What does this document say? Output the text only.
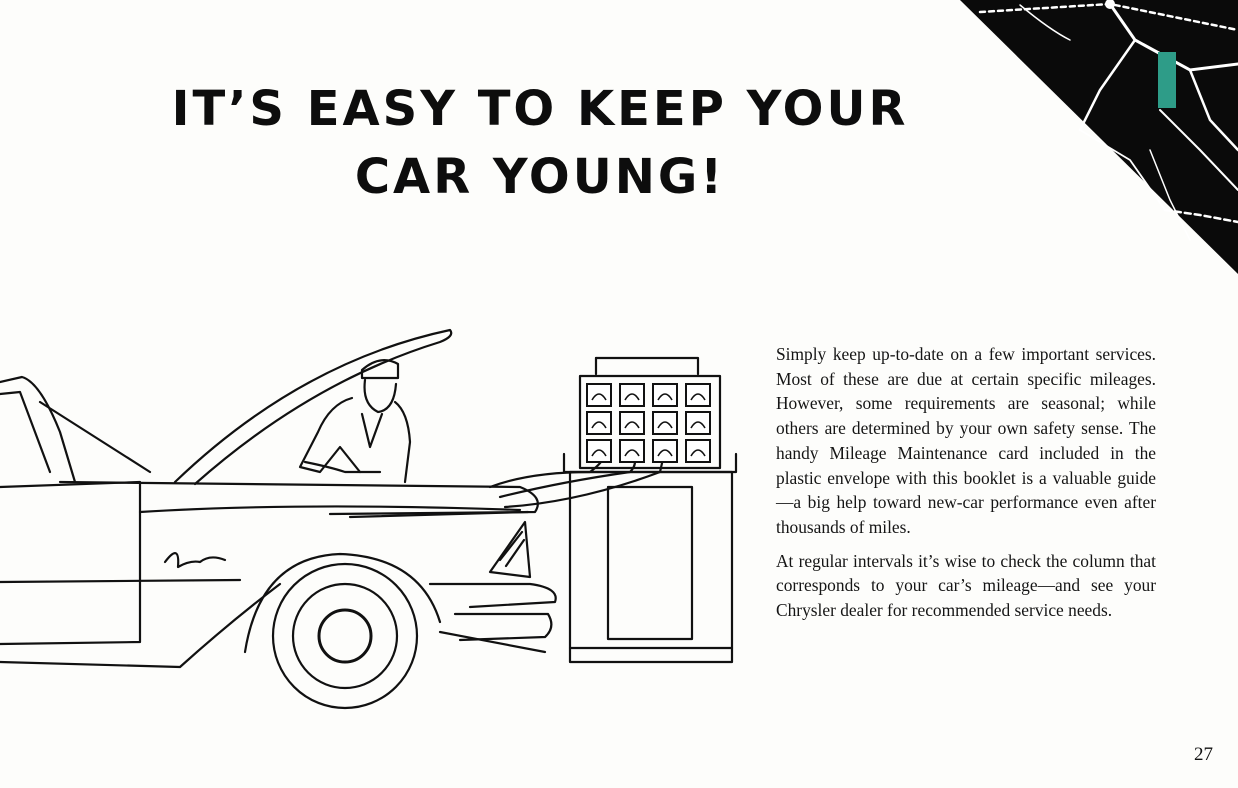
IT’S EASY TO KEEP YOUR
CAR YOUNG!

Simply keep up-to-date on a few important services. Most of these are due at certain specific mileages. However, some requirements are seasonal; while others are determined by your own safety sense. The handy Mileage Maintenance card included in the plastic envelope with this booklet is a valuable guide—a big help toward new-car performance even after thousands of miles.

At regular intervals it’s wise to check the column that corresponds to your car’s mileage—and see your Chrysler dealer for recommended service needs.

27
